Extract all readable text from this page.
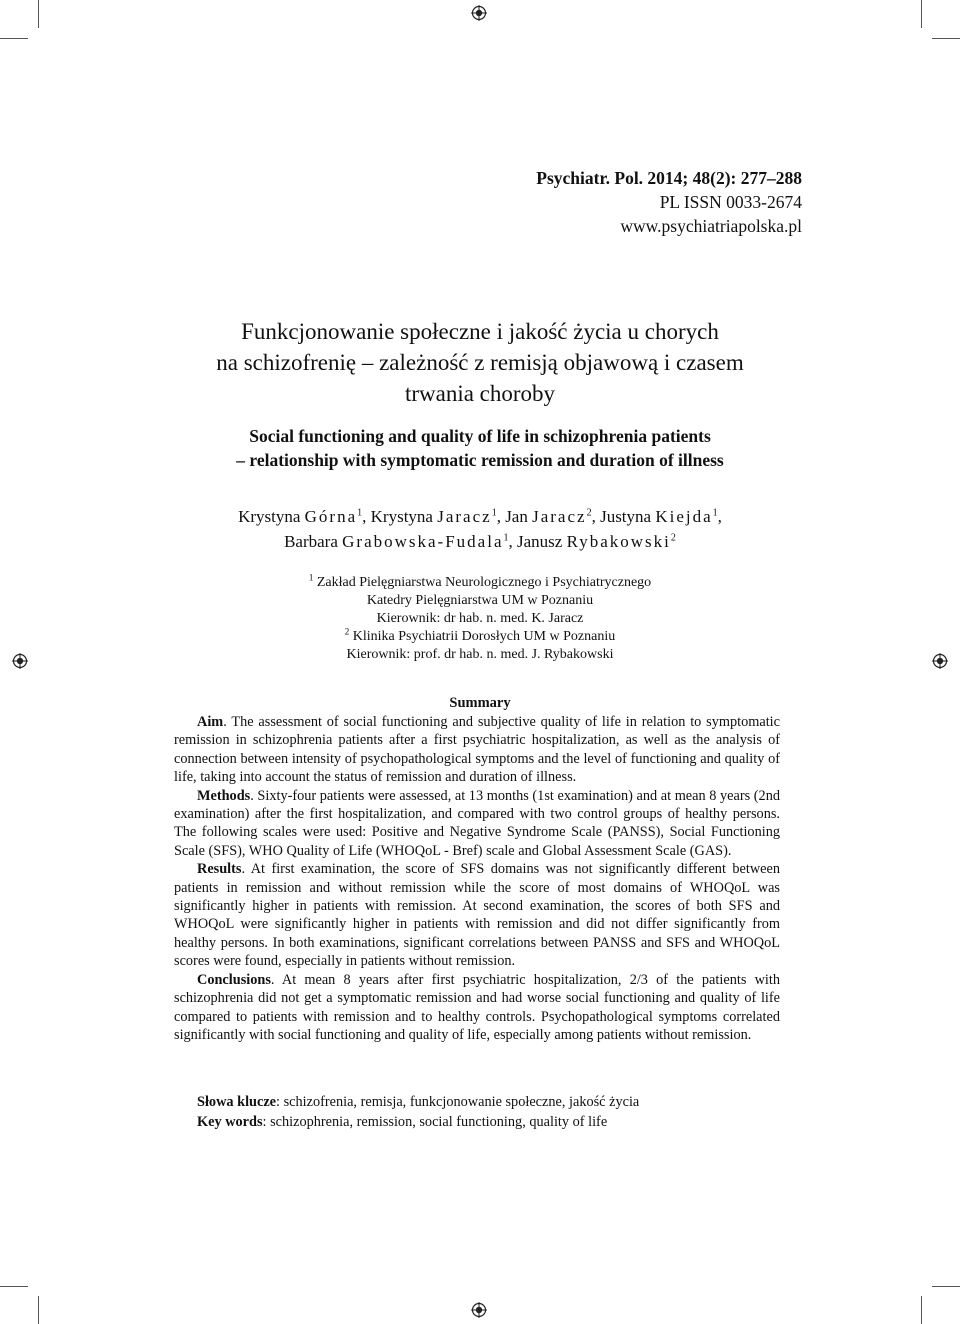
Psychiatr. Pol. 2014; 48(2): 277–288
PL ISSN 0033-2674
www.psychiatriapolska.pl
Funkcjonowanie społeczne i jakość życia u chorych
na schizofrenię – zależność z remisją objawową i czasem
trwania choroby
Social functioning and quality of life in schizophrenia patients
– relationship with symptomatic remission and duration of illness
Krystyna Górna$^1$, Krystyna Jaracz$^1$, Jan Jaracz$^2$, Justyna Kiejda$^1$,
Barbara Grabowska-Fudala$^1$, Janusz Rybakowski$^2$
$^1$ Zakład Pielęgniarstwa Neurologicznego i Psychiatrycznego
Katedry Pielęgniarstwa UM w Poznaniu
Kierownik: dr hab. n. med. K. Jaracz
$^2$ Klinika Psychiatrii Dorosłych UM w Poznaniu
Kierownik: prof. dr hab. n. med. J. Rybakowski
Summary

Aim. The assessment of social functioning and subjective quality of life in relation to symptomatic remission in schizophrenia patients after a first psychiatric hospitalization, as well as the analysis of connection between intensity of psychopathological symptoms and the level of functioning and quality of life, taking into account the status of remission and duration of illness.

Methods. Sixty-four patients were assessed, at 13 months (1st examination) and at mean 8 years (2nd examination) after the first hospitalization, and compared with two control groups of healthy persons. The following scales were used: Positive and Negative Syndrome Scale (PANSS), Social Functioning Scale (SFS), WHO Quality of Life (WHOQoL - Bref) scale and Global Assessment Scale (GAS).

Results. At first examination, the score of SFS domains was not significantly different between patients in remission and without remission while the score of most domains of WHOQoL was significantly higher in patients with remission. At second examination, the scores of both SFS and WHOQoL were significantly higher in patients with remission and did not differ significantly from healthy persons. In both examinations, significant correlations between PANSS and SFS and WHOQoL scores were found, especially in patients without remission.

Conclusions. At mean 8 years after first psychiatric hospitalization, 2/3 of the patients with schizophrenia did not get a symptomatic remission and had worse social functioning and quality of life compared to patients with remission and to healthy controls. Psychopathological symptoms correlated significantly with social functioning and quality of life, especially among patients without remission.

Słowa klucze: schizofrenia, remisja, funkcjonowanie społeczne, jakość życia

Key words: schizophrenia, remission, social functioning, quality of life
